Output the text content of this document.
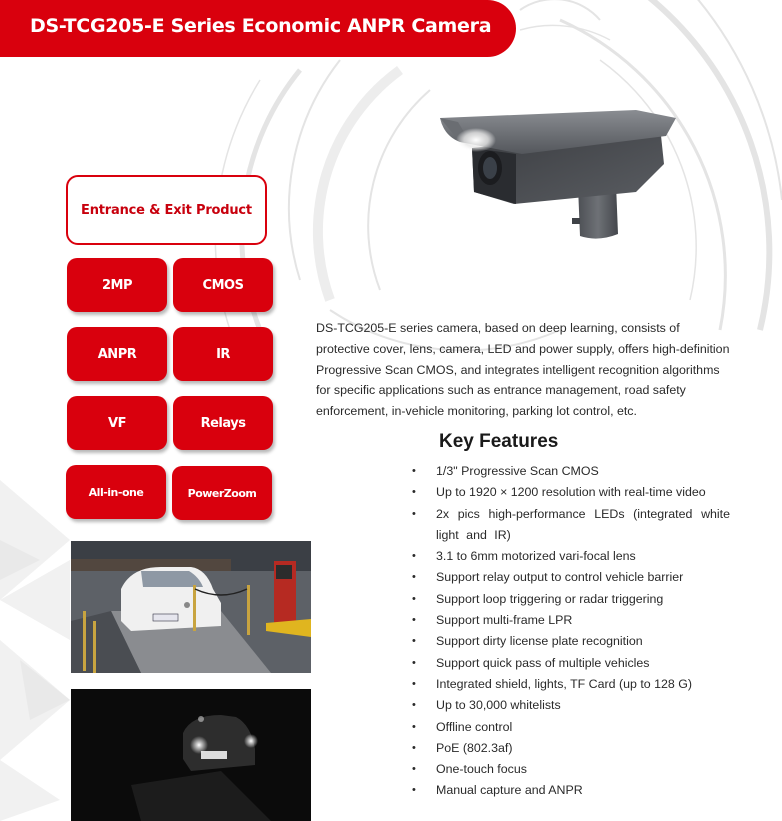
DS-TCG205-E Series Economic ANPR Camera
Entrance & Exit Product
2MP	CMOS
ANPR	IR
VF	Relays
All-in-one	PowerZoom

DS-TCG205-E series camera, based on deep learning, consists of protective cover, lens, camera, LED and power supply, offers high-definition Progressive Scan CMOS, and integrates intelligent recognition algorithms for specific applications such as entrance management, road safety enforcement, in-vehicle monitoring, parking lot control, etc.

Key Features
• 1/3" Progressive Scan CMOS
• Up to 1920 × 1200 resolution with real-time video
• 2x pics high-performance LEDs (integrated white light and IR)
• 3.1 to 6mm motorized vari-focal lens
• Support relay output to control vehicle barrier
• Support loop triggering or radar triggering
• Support multi-frame LPR
• Support dirty license plate recognition
• Support quick pass of multiple vehicles
• Integrated shield, lights, TF Card (up to 128 G)
• Up to 30,000 whitelists
• Offline control
• PoE (802.3af)
• One-touch focus
• Manual capture and ANPR
